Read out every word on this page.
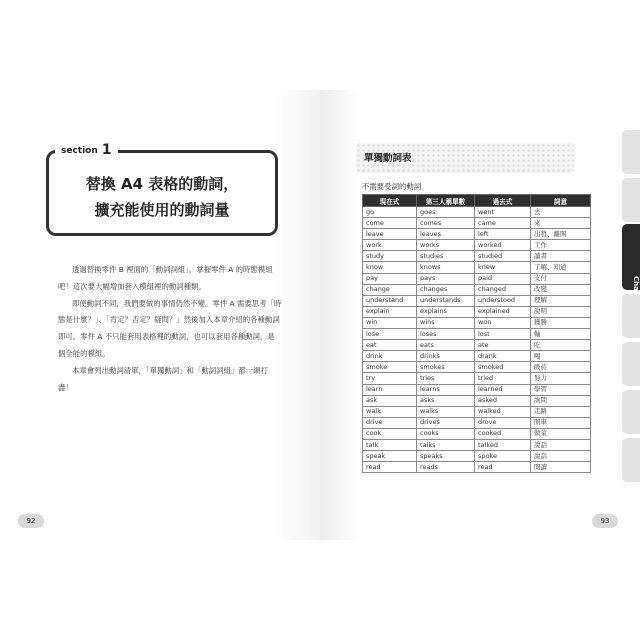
替換 A4 表格的動詞，
擴充能使用的動詞量
section 1

透過替換零件 B 裡面的「動詞詞組」，掌握零件 A 的時態模組吧！這次要大幅增加套入模組裡的動詞種類。

即使動詞不同，我們要做的事情仍然不變。零件 A 需要思考「時態是什麼？」、「肯定？否定？疑問？」然後加入本章介紹的各種動詞即可。零件 A 不只能套用表格裡的動詞，也可以套用各種動詞，是個全能的模組。

本章會列出動詞清單，「單獨動詞」和「動詞詞組」都一網打盡！

92
單獨動詞表
不需要受詞的動詞
現在式	第三人稱單數	過去式	詞意
go	goes	went	去
come	comes	came	來
leave	leaves	left	出發、離開
work	works	worked	工作
study	studies	studied	讀書
know	knows	knew	了解、知道
pay	pays	paid	支付
change	changes	changed	改變
understand	understands	understood	理解
explain	explains	explained	說明
win	wins	won	獲勝
lose	loses	lost	輸
eat	eats	ate	吃
drink	drinks	drank	喝
smoke	smokes	smoked	吸菸
try	tries	tried	努力
learn	learns	learned	學習
ask	asks	asked	詢問
walk	walks	walked	走路
drive	drives	drove	開車
cook	cooks	cooked	做菜
talk	talks	talked	說話
speak	speaks	spoke	說話
read	reads	read	閱讀
93
